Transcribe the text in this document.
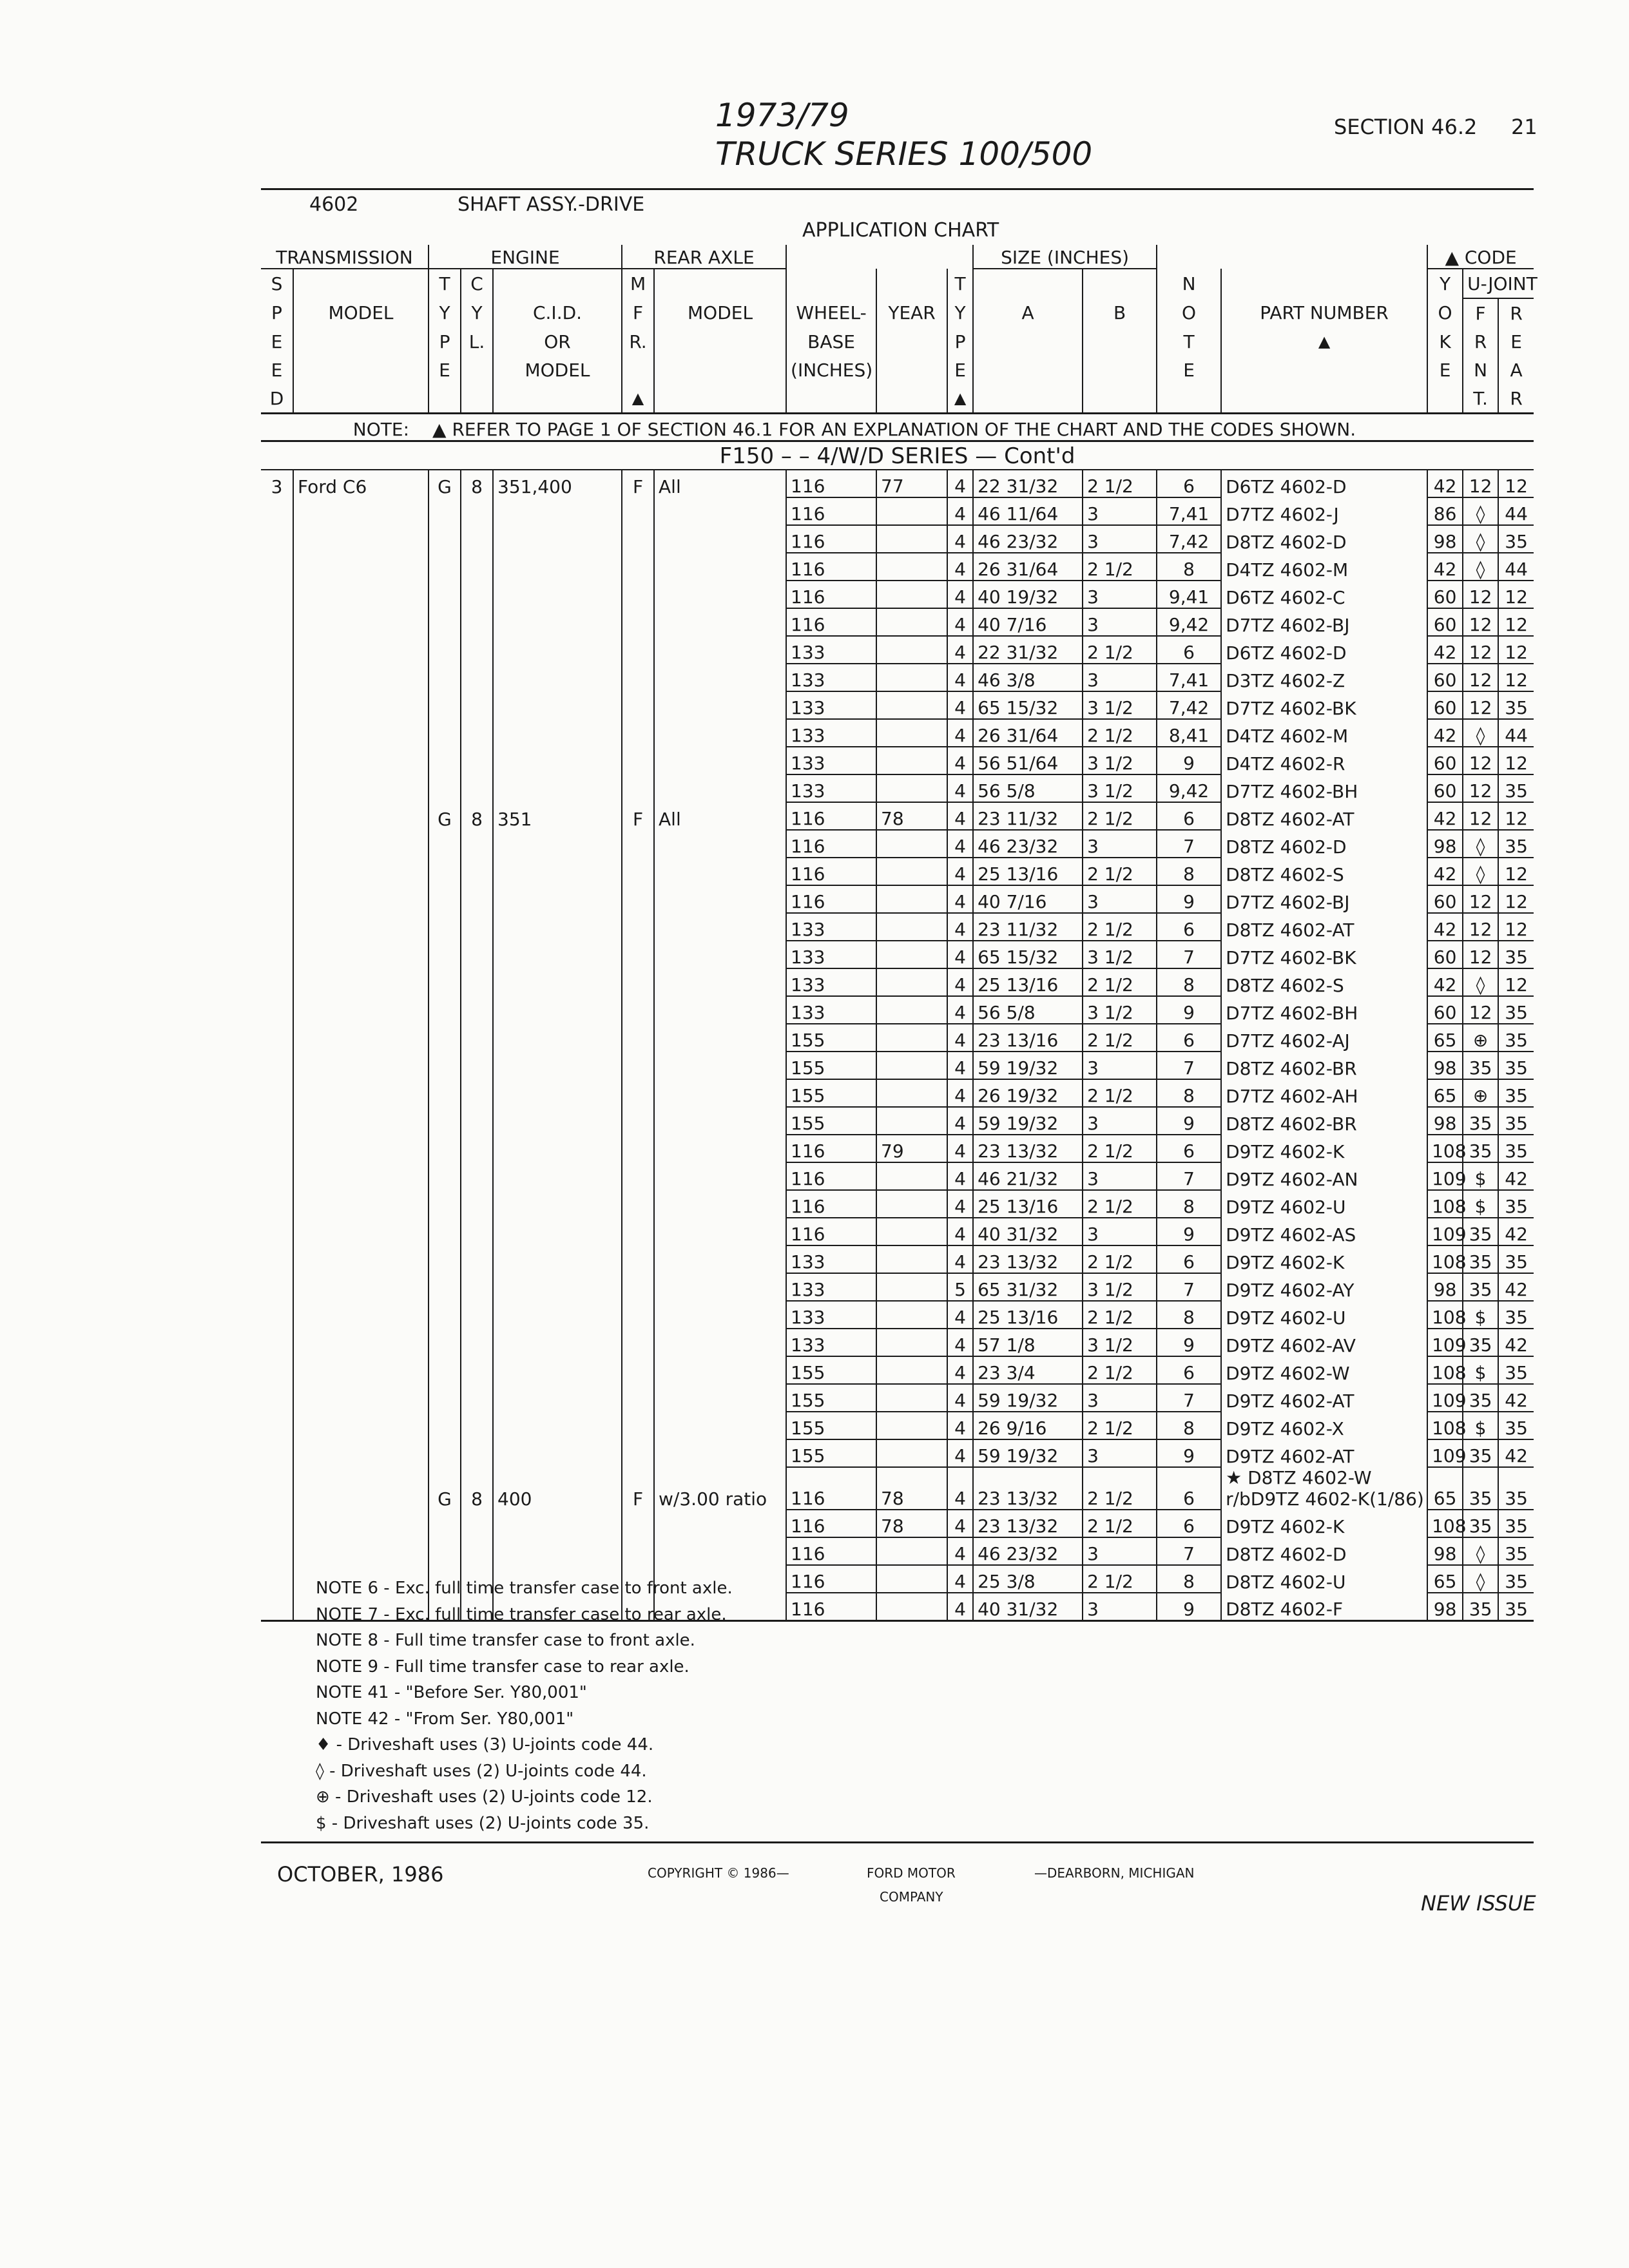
1973/79
TRUCK SERIES 100/500
SECTION 46.2 21
4602	SHAFT ASSY.-DRIVE
APPLICATION CHART
TRANSMISSION		ENGINE			REAR AXLE					SIZE (INCHES)				▲ CODE		
S		T	C		M				T			N		Y	U-JOINT	
P	MODEL	Y	Y	C.I.D.	F	MODEL	WHEEL-	YEAR	Y	A	B	O	PART NUMBER	O	F	R
E		P	L.	OR	R.		BASE		P			T	▲	K	R	E
E		E		MODEL			(INCHES)		E			E		E	N	A
D					▲				▲						T.	R
NOTE:		▲ REFER TO PAGE 1 OF SECTION 46.1 FOR AN EXPLANATION OF THE CHART AND THE CODES SHOWN.														
F150 – – 4/W/D SERIES — Cont'd																
3	Ford C6	G	8	351,400	F	All	116	77	4	22 31/32	2 1/2	6	D6TZ 4602-D	42	12	12
							116		4	46 11/64	3	7,41	D7TZ 4602-J	86	◊	44
							116		4	46 23/32	3	7,42	D8TZ 4602-D	98	◊	35
							116		4	26 31/64	2 1/2	8	D4TZ 4602-M	42	◊	44
							116		4	40 19/32	3	9,41	D6TZ 4602-C	60	12	12
							116		4	40 7/16	3	9,42	D7TZ 4602-BJ	60	12	12
							133		4	22 31/32	2 1/2	6	D6TZ 4602-D	42	12	12
							133		4	46 3/8	3	7,41	D3TZ 4602-Z	60	12	12
							133		4	65 15/32	3 1/2	7,42	D7TZ 4602-BK	60	12	35
							133		4	26 31/64	2 1/2	8,41	D4TZ 4602-M	42	◊	44
							133		4	56 51/64	3 1/2	9	D4TZ 4602-R	60	12	12
							133		4	56 5/8	3 1/2	9,42	D7TZ 4602-BH	60	12	35
		G	8	351	F	All	116	78	4	23 11/32	2 1/2	6	D8TZ 4602-AT	42	12	12
							116		4	46 23/32	3	7	D8TZ 4602-D	98	◊	35
							116		4	25 13/16	2 1/2	8	D8TZ 4602-S	42	◊	12
							116		4	40 7/16	3	9	D7TZ 4602-BJ	60	12	12
							133		4	23 11/32	2 1/2	6	D8TZ 4602-AT	42	12	12
							133		4	65 15/32	3 1/2	7	D7TZ 4602-BK	60	12	35
							133		4	25 13/16	2 1/2	8	D8TZ 4602-S	42	◊	12
							133		4	56 5/8	3 1/2	9	D7TZ 4602-BH	60	12	35
							155		4	23 13/16	2 1/2	6	D7TZ 4602-AJ	65	⊕	35
							155		4	59 19/32	3	7	D8TZ 4602-BR	98	35	35
							155		4	26 19/32	2 1/2	8	D7TZ 4602-AH	65	⊕	35
							155		4	59 19/32	3	9	D8TZ 4602-BR	98	35	35
							116	79	4	23 13/32	2 1/2	6	D9TZ 4602-K	108	35	35
							116		4	46 21/32	3	7	D9TZ 4602-AN	109	$	42
							116		4	25 13/16	2 1/2	8	D9TZ 4602-U	108	$	35
							116		4	40 31/32	3	9	D9TZ 4602-AS	109	35	42
							133		4	23 13/32	2 1/2	6	D9TZ 4602-K	108	35	35
							133		5	65 31/32	3 1/2	7	D9TZ 4602-AY	98	35	42
							133		4	25 13/16	2 1/2	8	D9TZ 4602-U	108	$	35
							133		4	57 1/8	3 1/2	9	D9TZ 4602-AV	109	35	42
							155		4	23 3/4	2 1/2	6	D9TZ 4602-W	108	$	35
							155		4	59 19/32	3	7	D9TZ 4602-AT	109	35	42
							155		4	26 9/16	2 1/2	8	D9TZ 4602-X	108	$	35
							155		4	59 19/32	3	9	D9TZ 4602-AT	109	35	42
		G	8	400	F	w/3.00 ratio	116	78	4	23 13/32	2 1/2	6	★ D8TZ 4602-W
r/bD9TZ 4602-K(1/86)	65	35	35
							116	78	4	23 13/32	2 1/2	6	D9TZ 4602-K	108	35	35
							116		4	46 23/32	3	7	D8TZ 4602-D	98	◊	35
							116		4	25 3/8	2 1/2	8	D8TZ 4602-U	65	◊	35
							116		4	40 31/32	3	9	D8TZ 4602-F	98	35	35
NOTE 6 - Exc. full time transfer case to front axle.
NOTE 7 - Exc. full time transfer case to rear axle.
NOTE 8 - Full time transfer case to front axle.
NOTE 9 - Full time transfer case to rear axle.
NOTE 41 - "Before Ser. Y80,001"
NOTE 42 - "From Ser. Y80,001"
♦ - Driveshaft uses (3) U-joints code 44.
◊ - Driveshaft uses (2) U-joints code 44.
⊕ - Driveshaft uses (2) U-joints code 12.
$ - Driveshaft uses (2) U-joints code 35.
OCTOBER, 1986	COPYRIGHT © 1986—	FORD MOTOR
COMPANY
—DEARBORN, MICHIGAN
NEW ISSUE
